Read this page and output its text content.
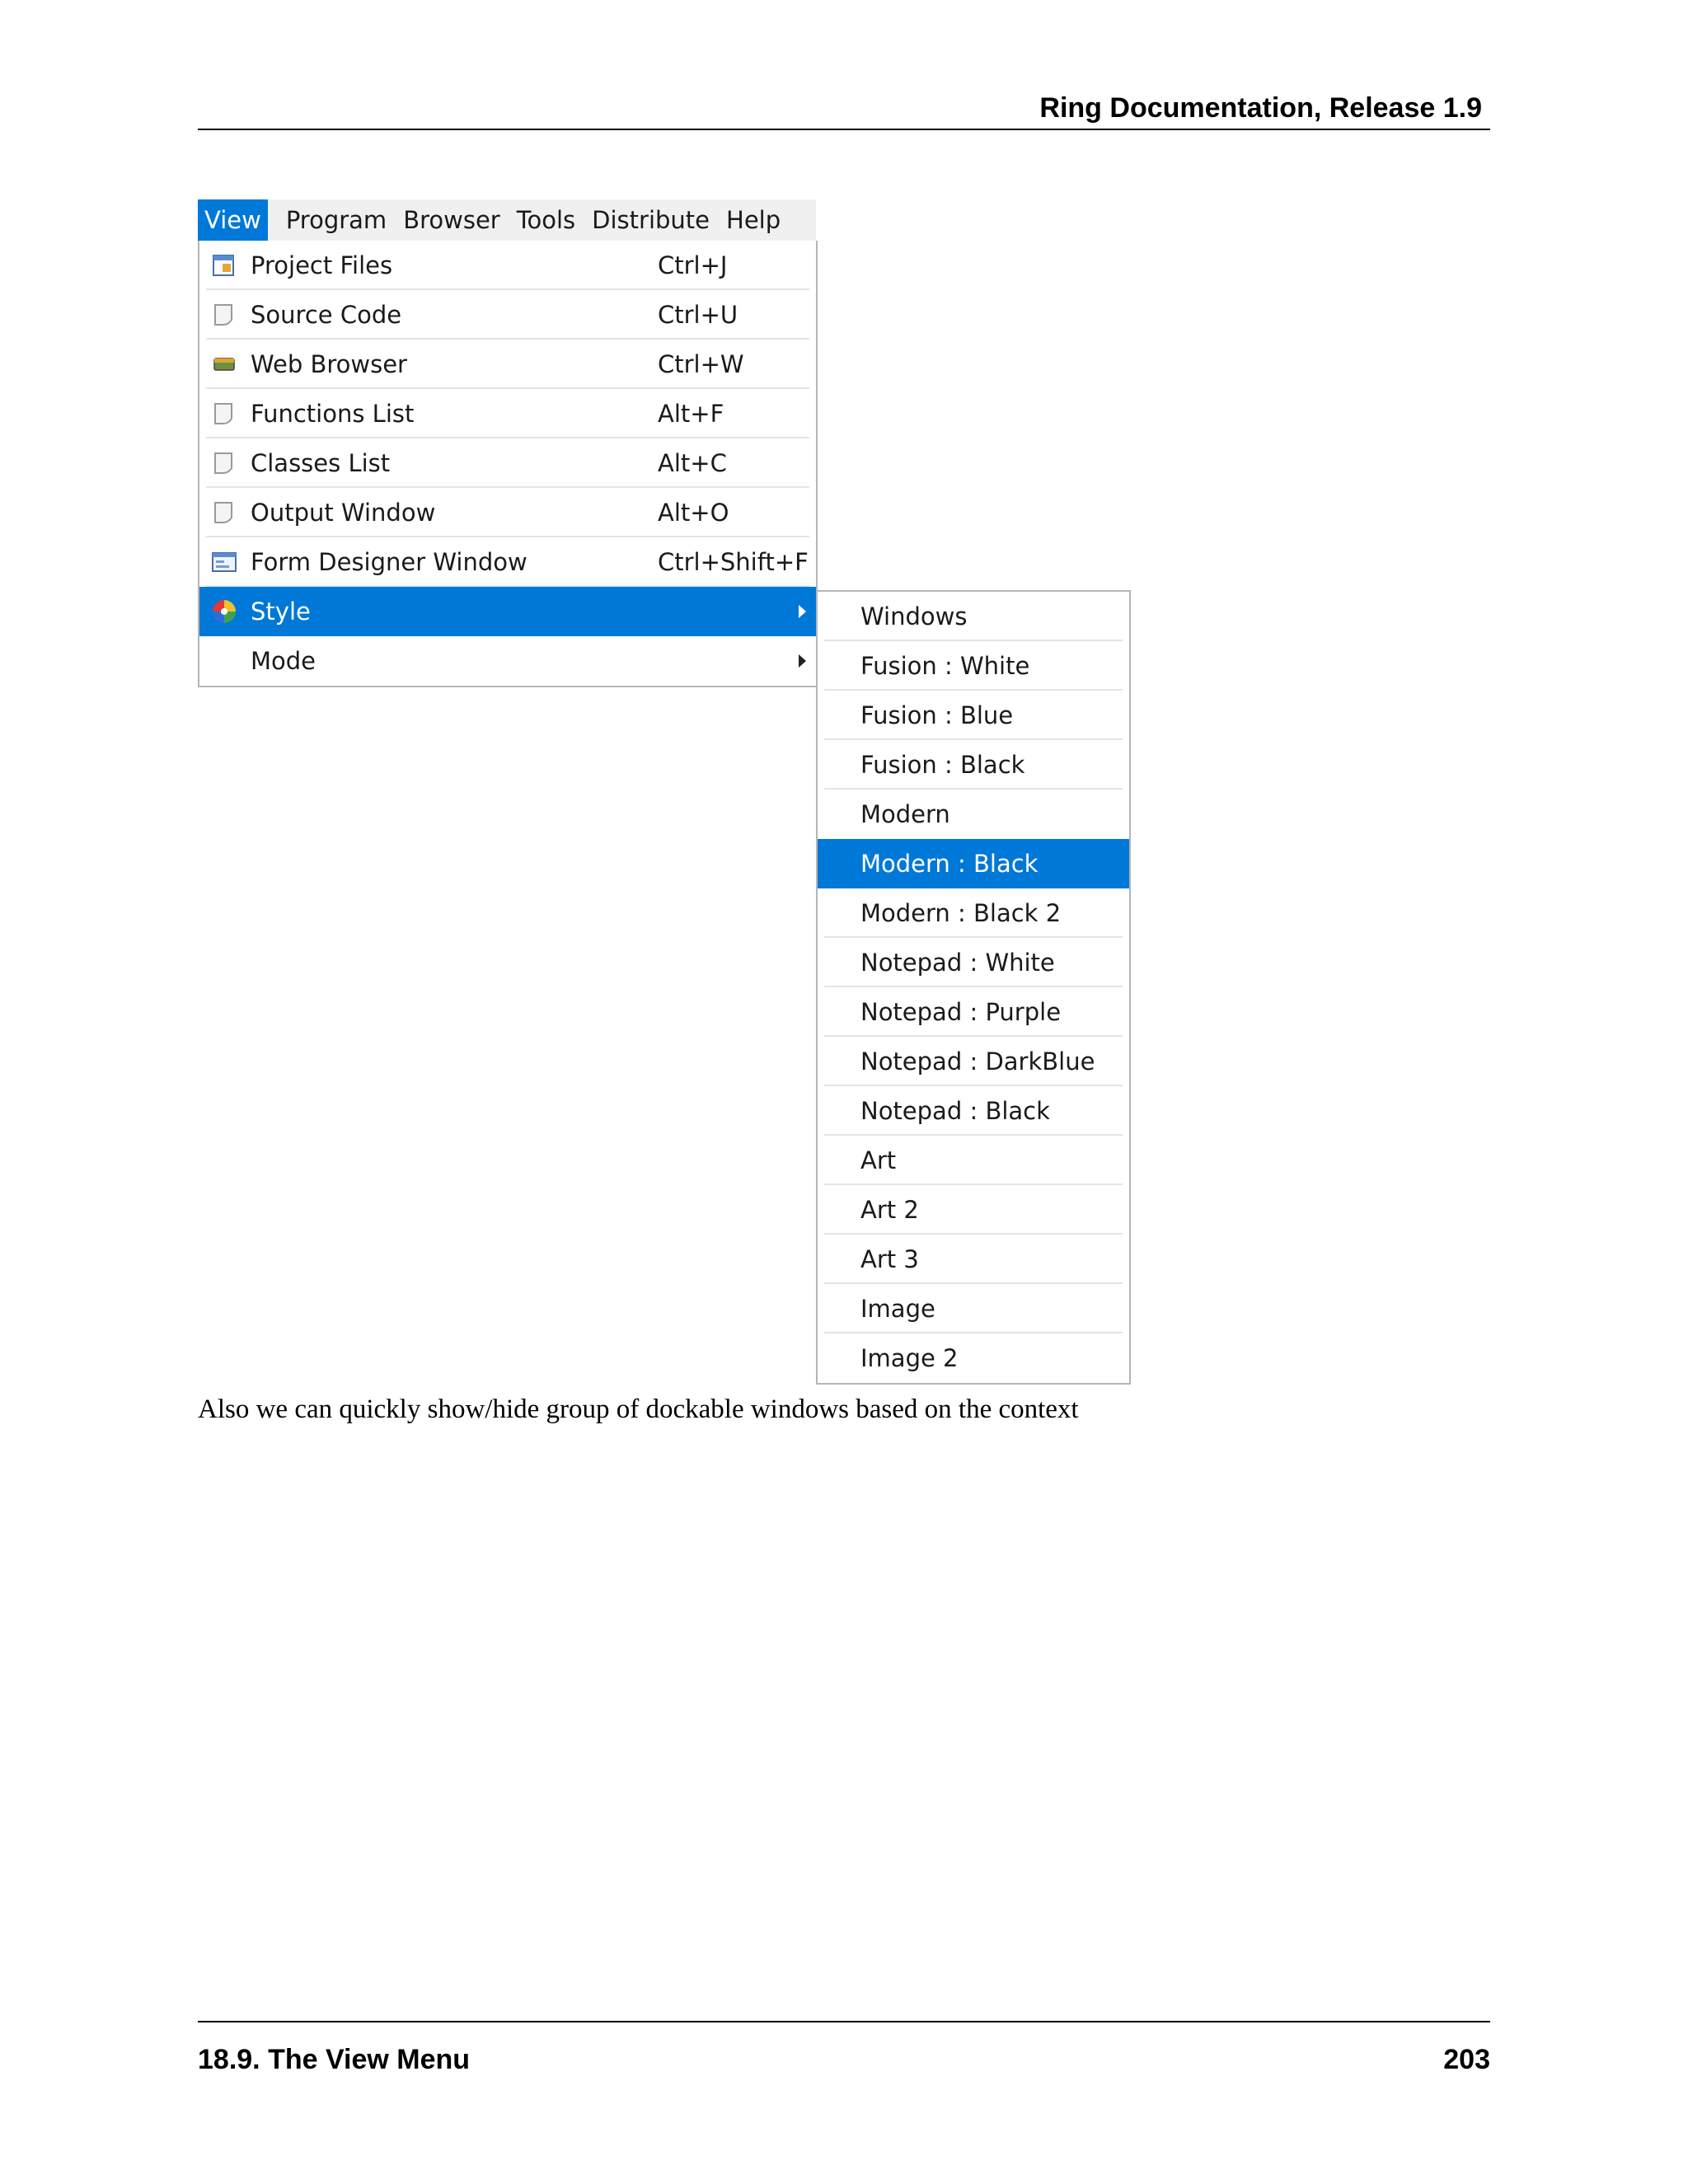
Ring Documentation, Release 1.9
View	Program Browser Tools Distribute Help
Project Files	Ctrl+J
Source Code	Ctrl+U
Web Browser	Ctrl+W
Functions List	Alt+F
Classes List	Alt+C
Output Window	Alt+O
Form Designer Window	Ctrl+Shift+F
Style
Mode
Windows
Fusion : White
Fusion : Blue
Fusion : Black
Modern
Modern : Black
Modern : Black 2
Notepad : White
Notepad : Purple
Notepad : DarkBlue
Notepad : Black
Art
Art 2
Art 3
Image
Image 2
Also we can quickly show/hide group of dockable windows based on the context
18.9. The View Menu	203
